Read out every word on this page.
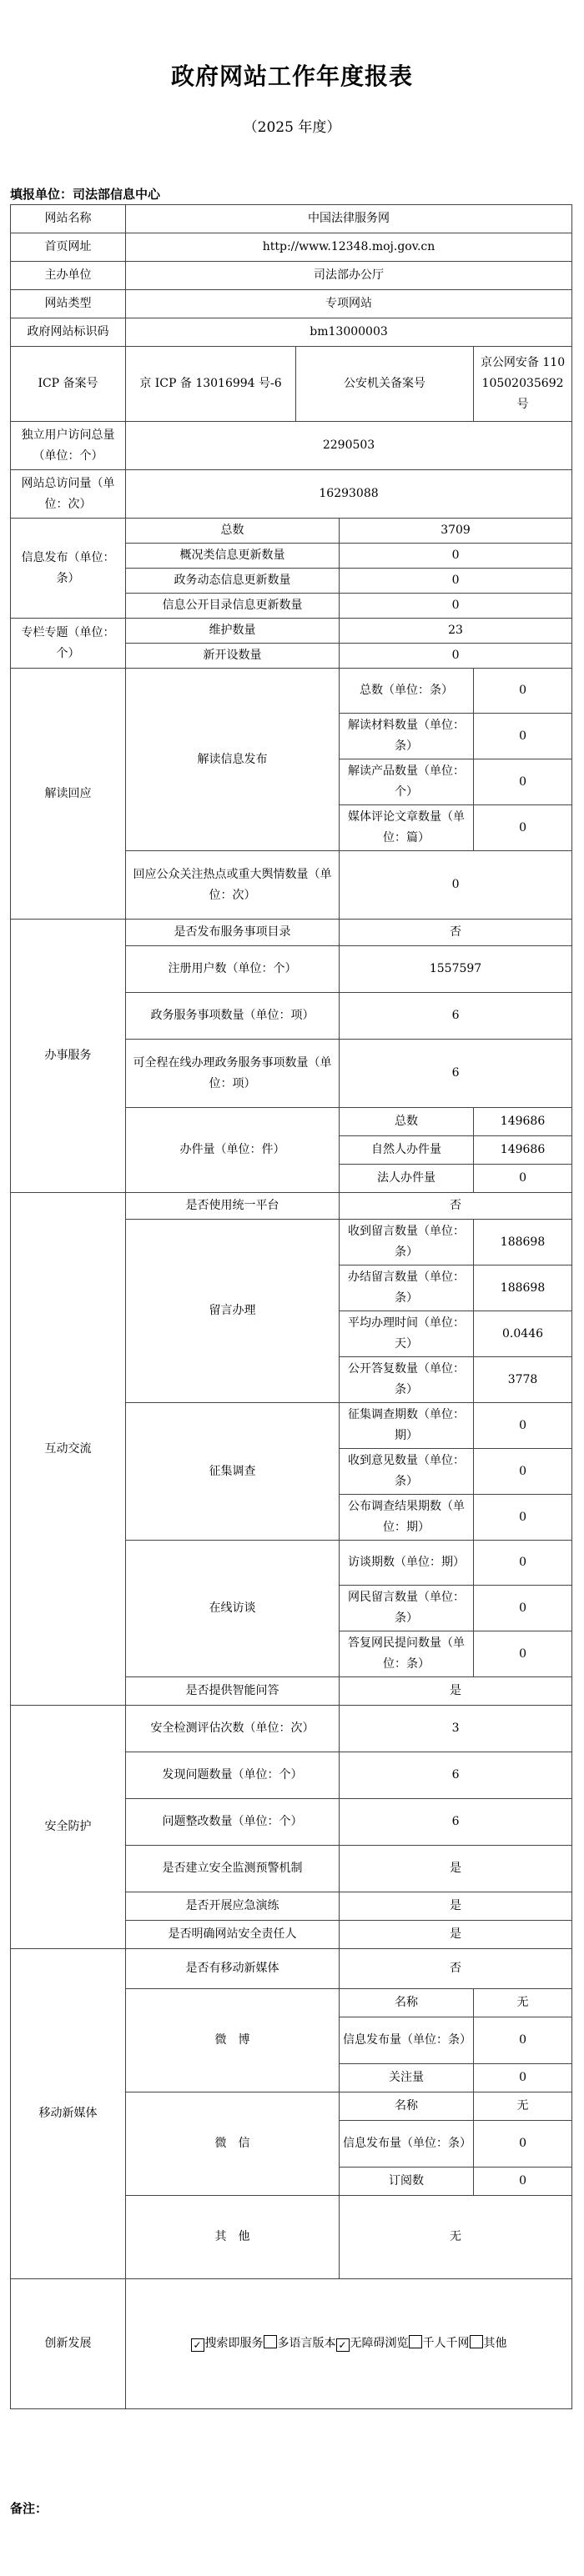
政府网站工作年度报表
（2025 年度）
填报单位：司法部信息中心
网站名称	中国法律服务网			
首页网址	http://www.12348.moj.gov.cn			
主办单位	司法部办公厅			
网站类型	专项网站			
政府网站标识码	bm13000003			
ICP 备案号	京 ICP 备 13016994 号-6	公安机关备案号		京公网安备 11010502035692 号
独立用户访问总量（单位：个）	2290503			
网站总访问量（单位：次）	16293088			
信息发布（单位：条）	总数		3709	
	概况类信息更新数量		0	
	政务动态信息更新数量		0	
	信息公开目录信息更新数量		0	
专栏专题（单位：个）	维护数量		23	
	新开设数量		0	
解读回应	解读信息发布		总数（单位：条）	0
			解读材料数量（单位：条）	0
			解读产品数量（单位：个）	0
			媒体评论文章数量（单位：篇）	0
	回应公众关注热点或重大舆情数量（单位：次）		0	
办事服务	是否发布服务事项目录		否	
	注册用户数（单位：个）		1557597	
	政务服务事项数量（单位：项）		6	
	可全程在线办理政务服务事项数量（单位：项）		6	
	办件量（单位：件）		总数	149686
			自然人办件量	149686
			法人办件量	0
互动交流	是否使用统一平台		否	
	留言办理		收到留言数量（单位：条）	188698
			办结留言数量（单位：条）	188698
			平均办理时间（单位：天）	0.0446
			公开答复数量（单位：条）	3778
	征集调查		征集调查期数（单位：期）	0
			收到意见数量（单位：条）	0
			公布调查结果期数（单位：期）	0
	在线访谈		访谈期数（单位：期）	0
			网民留言数量（单位：条）	0
			答复网民提问数量（单位：条）	0
	是否提供智能问答		是	
安全防护	安全检测评估次数（单位：次）		3	
	发现问题数量（单位：个）		6	
	问题整改数量（单位：个）		6	
	是否建立安全监测预警机制		是	
	是否开展应急演练		是	
	是否明确网站安全责任人		是	
移动新媒体	是否有移动新媒体		否	
	微　博		名称	无
			信息发布量（单位：条）	0
			关注量	0
	微　信		名称	无
			信息发布量（单位：条）	0
			订阅数	0
	其　他		无	
创新发展	✓ 搜索即服务 多语言版本 ✓ 无障碍浏览 千人千网 其他			
备注：
